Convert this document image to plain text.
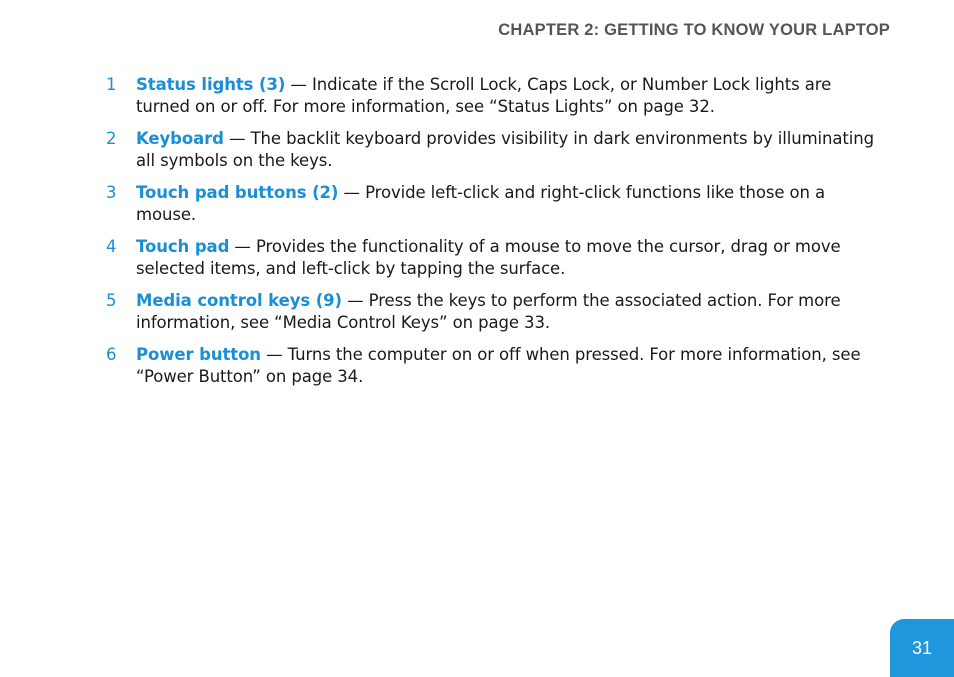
CHAPTER 2: GETTING TO KNOW YOUR LAPTOP
1 Status lights (3) — Indicate if the Scroll Lock, Caps Lock, or Number Lock lights are turned on or off. For more information, see “Status Lights” on page 32.
2 Keyboard — The backlit keyboard provides visibility in dark environments by illuminating all symbols on the keys.
3 Touch pad buttons (2) — Provide left-click and right-click functions like those on a mouse.
4 Touch pad — Provides the functionality of a mouse to move the cursor, drag or move selected items, and left-click by tapping the surface.
5 Media control keys (9) — Press the keys to perform the associated action. For more information, see “Media Control Keys” on page 33.
6 Power button — Turns the computer on or off when pressed. For more information, see “Power Button” on page 34.
31
